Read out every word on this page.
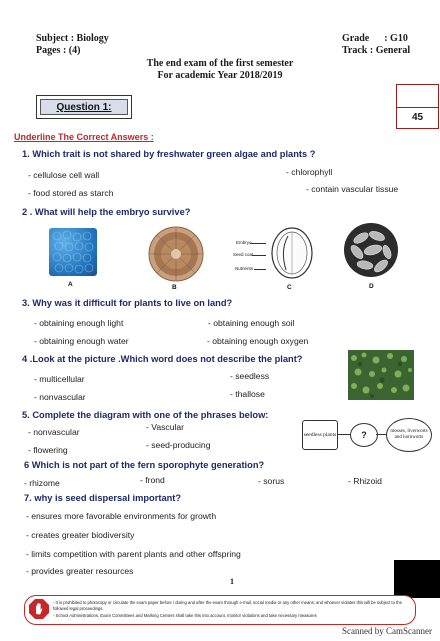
Subject : Biology
Pages : (4)
Grade      : G10
Track : General
The end exam of the first semester
For academic Year 2018/2019
Question 1:
45
Underline The Correct Answers :
1. Which trait is not shared by freshwater green algae and plants ?
- cellulose cell wall	- chlorophyll
- food stored as starch	- contain vascular tissue
2 . What will help the embryo survive?
A	B
Embryo
Seed coat
Nutrients
C	D
3. Why was it difficult for plants to live on land?
- obtaining enough light	- obtaining enough soil
- obtaining enough water	- obtaining enough oxygen
4 .Look at the picture .Which word does not describe the plant?
- multicellular	- seedless
- nonvascular	- thallose
5. Complete the diagram with one of the phrases below:
- nonvascular	- Vascular
- flowering	- seed-producing
seedless plants	?	mosses, liverworts and hornworts
6 Which is not part of the fern sporophyte generation?
- rhizome	- frond	- sorus	- Rhizoid
7. why is seed dispersal important?
- ensures more favorable environments for growth
- creates greater biodiversity
- limits competition with parent plants and other offspring
- provides greater resources
1
- It is prohibited to photocopy or circulate the exam paper before / during and after the exam through e-mail, social media or any other means; and whoever violates this will be subject to the followed legal proceedings.
- School Administrations, Exam Committees and Marking Centers shall take this into account, monitor violations and take necessary measures
Scanned by CamScanner
